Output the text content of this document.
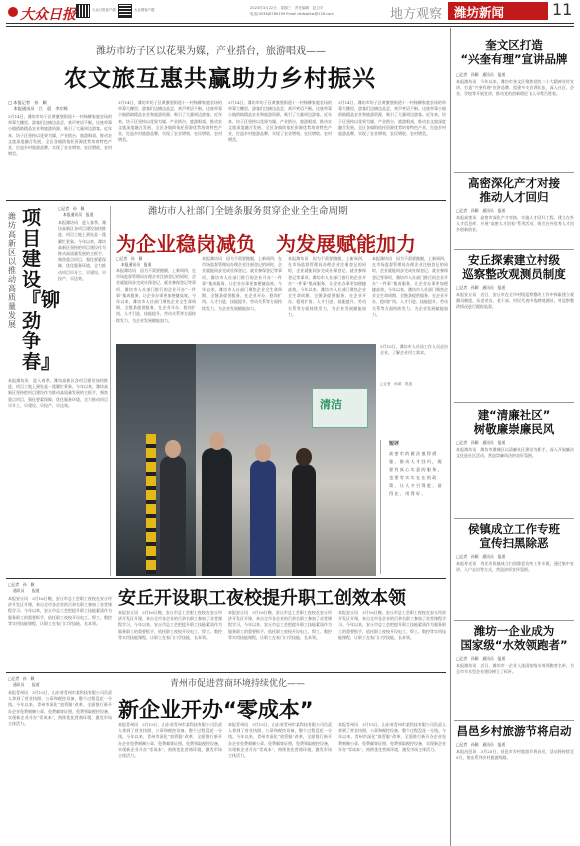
大众日报	大众日报客户端	大众网客户端	2023年3月22日　星期三　责任编辑　赵卫平
电话(0536)8789199 Email dzrbwfxw@126.com	地方观察 潍坊新闻	11
奎文区打造
“兴奎有理”宣讲品牌
□记者　孙颖　通讯员　报道
本报潍坊讯　今年以来，潍坊市奎文区聚焦党的二十大精神宣传宣讲，打造“兴奎有理”宣讲品牌，组建多支宣讲队伍，深入社区、企业、学校等开展宣讲，推动党的创新理论飞入寻常百姓家。
高密深化产才对接
推动人才回归
□记者　孙颖　通讯员　报道
本报高密讯　高密市深化产才对接，实施人才回归工程，建立在外人才信息库，开展“高密人才回家”系列活动，吸引在外优秀人才回乡创新创业。
安丘探索建立村级
巡察整改观测员制度
□记者　孙颖　通讯员　报道
本报安丘讯　近日，安丘市在全市村级巡察整改工作中探索建立观测员制度，从老党员、老干部、村民代表中选聘观测员，对巡察整改情况进行跟踪监督。
建“清廉社区”
树敬廉崇廉民风
□记者　孙颖　通讯员　报道
本报潍坊讯　潍坊市潍城区以清廉社区建设为抓手，深入开展廉洁文化进社区活动，营造崇廉尚洁的良好氛围。
侯镇成立工作专班
宣传扫黑除恶
□记者　孙颖　通讯员　报道
本报寿光讯　寿光市侯镇成立扫黑除恶宣传工作专班，通过集中宣讲、入户走访等方式，营造浓厚宣传氛围。
潍坊一企业成为
国家级“水效领跑者”
□记者　孙颖　通讯员　报道
本报潍坊讯　近日，潍坊市一企业入选国家级水效领跑者名单，为全市节水型企业建设树立了标杆。
昌邑乡村旅游节将启动
□记者　孙颖　通讯员　报道
本报昌邑讯　3月25日，昌邑市乡村旅游节将启动，活动将持续至5月，推出系列乡村旅游线路。
潍坊市坊子区以花果为媒，产业搭台，旅游唱戏——
农文旅互惠共赢助力乡村振兴
□ 本报记者　孙　颖
　 本报通讯员　吕　晨　李宗辉
3月14日，潍坊市坊子区黄旗堡街道十一村杨柳家庭农场的草莓大棚里，游客们边摘边品尝，欢声笑语不断。这座草莓小镇借助精品农业和旅游资源，吸引了大量周边游客。近年来，坊子区坚持以花果为媒，产业搭台，旅游唱戏，推动农文旅深度融合发展，全区各镇街依托资源优势培育特色产业，打造乡村旅游品牌，实现了农业增效、农民增收、农村增美。
3月14日，潍坊市坊子区黄旗堡街道十一村杨柳家庭农场的草莓大棚里，游客们边摘边品尝，欢声笑语不断。这座草莓小镇借助精品农业和旅游资源，吸引了大量周边游客。近年来，坊子区坚持以花果为媒，产业搭台，旅游唱戏，推动农文旅深度融合发展，全区各镇街依托资源优势培育特色产业，打造乡村旅游品牌，实现了农业增效、农民增收、农村增美。
3月14日，潍坊市坊子区黄旗堡街道十一村杨柳家庭农场的草莓大棚里，游客们边摘边品尝，欢声笑语不断。这座草莓小镇借助精品农业和旅游资源，吸引了大量周边游客。近年来，坊子区坚持以花果为媒，产业搭台，旅游唱戏，推动农文旅深度融合发展，全区各镇街依托资源优势培育特色产业，打造乡村旅游品牌，实现了农业增效、农民增收、农村增美。
3月14日，潍坊市坊子区黄旗堡街道十一村杨柳家庭农场的草莓大棚里，游客们边摘边品尝，欢声笑语不断。这座草莓小镇借助精品农业和旅游资源，吸引了大量周边游客。近年来，坊子区坚持以花果为媒，产业搭台，旅游唱戏，推动农文旅深度融合发展，全区各镇街依托资源优势培育特色产业，打造乡村旅游品牌，实现了农业增效、农民增收、农村增美。
潍坊高新区以推动高质量发展
项目建设『铆劲争春』
□记者　孙　颖
　 本报通讯员　报道
本报潍坊讯　进入春季，潍坊高新区各项目建设加快推进，项目工地上到处是一派繁忙景象。今年以来，潍坊高新区坚持把项目建设作为推动高质量发展的主抓手，聚焦重点项目，强化要素保障，优化服务环境，全力推动项目早开工、早建设、早投产、早达效。
本报潍坊讯　进入春季，潍坊高新区各项目建设加快推进，项目工地上到处是一派繁忙景象。今年以来，潍坊高新区坚持把项目建设作为推动高质量发展的主抓手，聚焦重点项目，强化要素保障，优化服务环境，全力推动项目早开工、早建设、早投产、早达效。
潍坊市人社部门全链条服务贯穿企业全生命周期
为企业稳岗减负　为发展赋能加力
□记者　孙　颖
　 本报通讯员　报道
本报潍坊讯　因为不需要跑腿，上新周四，在市场监督管理局办理企业注册登记的同时，企业就能同步完成社保登记、就业参保登记等事项，潍坊市人社部门推行的企业开办“一件事”集成服务，让企业办事更加便捷高效。今年以来，潍坊市人社部门聚焦企业全生命周期，全链条提供服务，在企业开办、稳岗扩岗、人才引进、技能提升、劳动关系等方面持续发力，为企业发展赋能加力。
本报潍坊讯　因为不需要跑腿，上新周四，在市场监督管理局办理企业注册登记的同时，企业就能同步完成社保登记、就业参保登记等事项，潍坊市人社部门推行的企业开办“一件事”集成服务，让企业办事更加便捷高效。今年以来，潍坊市人社部门聚焦企业全生命周期，全链条提供服务，在企业开办、稳岗扩岗、人才引进、技能提升、劳动关系等方面持续发力，为企业发展赋能加力。
本报潍坊讯　因为不需要跑腿，上新周四，在市场监督管理局办理企业注册登记的同时，企业就能同步完成社保登记、就业参保登记等事项，潍坊市人社部门推行的企业开办“一件事”集成服务，让企业办事更加便捷高效。今年以来，潍坊市人社部门聚焦企业全生命周期，全链条提供服务，在企业开办、稳岗扩岗、人才引进、技能提升、劳动关系等方面持续发力，为企业发展赋能加力。
本报潍坊讯　因为不需要跑腿，上新周四，在市场监督管理局办理企业注册登记的同时，企业就能同步完成社保登记、就业参保登记等事项，潍坊市人社部门推行的企业开办“一件事”集成服务，让企业办事更加便捷高效。今年以来，潍坊市人社部门聚焦企业全生命周期，全链条提供服务，在企业开办、稳岗扩岗、人才引进、技能提升、劳动关系等方面持续发力，为企业发展赋能加力。
清洁
短评
高密市的做法值得借鉴。推动人才回归，既要有真心实意的服务，也要有实实在在的政策，让人才引得进、留得住、用得好。
3月15日，潍坊市人社局工作人员走访企业，了解企业用工需求。
□记者　孙颖　报道
□记者　孙　颖
　 通讯员　　报道	安丘开设职工夜校提升职工创效本领
本报安丘讯　3月16日晚，安丘市总工会职工夜校在安丘经济开发区开课，来自全市各企业的百余名职工参加了首堂课程学习。今年以来，安丘市总工会把提升职工技能素质作为服务职工的重要抓手，依托职工夜校开设电工、焊工、数控等实用技能课程，让职工在家门口学技能、长本领。
本报安丘讯　3月16日晚，安丘市总工会职工夜校在安丘经济开发区开课，来自全市各企业的百余名职工参加了首堂课程学习。今年以来，安丘市总工会把提升职工技能素质作为服务职工的重要抓手，依托职工夜校开设电工、焊工、数控等实用技能课程，让职工在家门口学技能、长本领。
本报安丘讯　3月16日晚，安丘市总工会职工夜校在安丘经济开发区开课，来自全市各企业的百余名职工参加了首堂课程学习。今年以来，安丘市总工会把提升职工技能素质作为服务职工的重要抓手，依托职工夜校开设电工、焊工、数控等实用技能课程，让职工在家门口学技能、长本领。
本报安丘讯　3月16日晚，安丘市总工会职工夜校在安丘经济开发区开课，来自全市各企业的百余名职工参加了首堂课程学习。今年以来，安丘市总工会把提升职工技能素质作为服务职工的重要抓手，依托职工夜校开设电工、焊工、数控等实用技能课程，让职工在家门口学技能、长本领。
□记者　孙　颖
　 通讯员　　报道	青州市促进营商环境持续优化——
新企业开办“零成本”
本报青州讯　3月15日，山东省青州市某科技有限公司负责人拿到了营业执照、公章和税控设备，整个过程没花一分钱。今年以来，青州市深化“放管服”改革，全面推行新开办企业免费刻制公章、免费邮寄证照、免费领取税控设备，实现新企业开办“零成本”，持续优化营商环境，激发市场主体活力。	本报青州讯　3月15日，山东省青州市某科技有限公司负责人拿到了营业执照、公章和税控设备，整个过程没花一分钱。今年以来，青州市深化“放管服”改革，全面推行新开办企业免费刻制公章、免费邮寄证照、免费领取税控设备，实现新企业开办“零成本”，持续优化营商环境，激发市场主体活力。
本报青州讯　3月15日，山东省青州市某科技有限公司负责人拿到了营业执照、公章和税控设备，整个过程没花一分钱。今年以来，青州市深化“放管服”改革，全面推行新开办企业免费刻制公章、免费邮寄证照、免费领取税控设备，实现新企业开办“零成本”，持续优化营商环境，激发市场主体活力。
本报青州讯　3月15日，山东省青州市某科技有限公司负责人拿到了营业执照、公章和税控设备，整个过程没花一分钱。今年以来，青州市深化“放管服”改革，全面推行新开办企业免费刻制公章、免费邮寄证照、免费领取税控设备，实现新企业开办“零成本”，持续优化营商环境，激发市场主体活力。
